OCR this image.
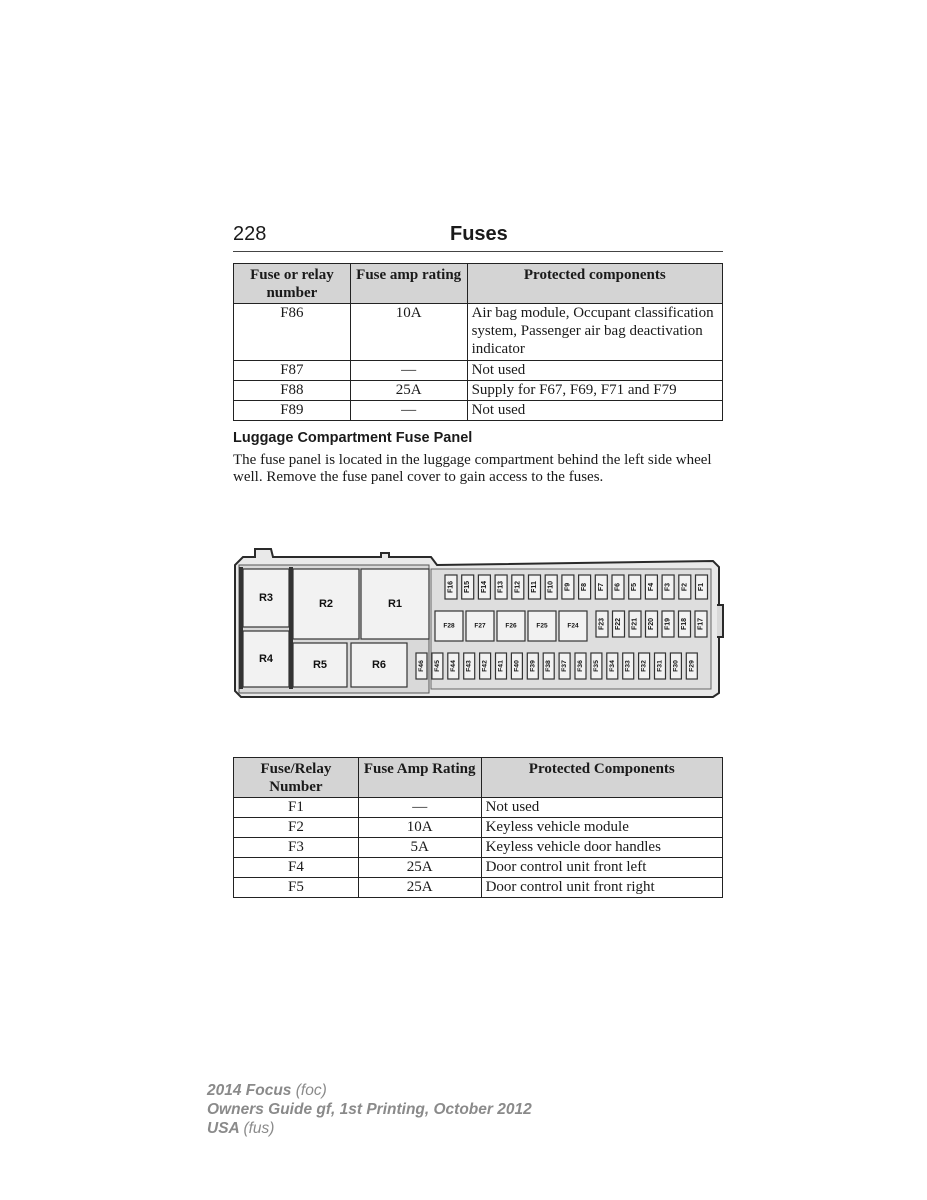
228	Fuses
Fuse or relay number	Fuse amp rating	Protected components
F86	10A	Air bag module, Occupant classification system, Passenger air bag deactivation indicator
F87	—	Not used
F88	25A	Supply for F67, F69, F71 and F79
F89	—	Not used
Luggage Compartment Fuse Panel

The fuse panel is located in the luggage compartment behind the left side wheel well. Remove the fuse panel cover to gain access to the fuses.

R3	R2	R1
R4	R5	R6
F16 F15 F14 F13 F12 F11 F10 F9 F8 F7 F6 F5 F4 F3 F2 F1
F28	F27	F26	F25	F24	F23 F22 F21 F20 F19 F18 F17
F46 F45 F44 F43 F42 F41 F40 F39 F38 F37 F36 F35 F34 F33 F32 F31 F30 F29
Fuse/Relay Number	Fuse Amp Rating	Protected Components
F1	—	Not used
F2	10A	Keyless vehicle module
F3	5A	Keyless vehicle door handles
F4	25A	Door control unit front left
F5	25A	Door control unit front right
2014 Focus (foc)
Owners Guide gf, 1st Printing, October 2012
USA (fus)
